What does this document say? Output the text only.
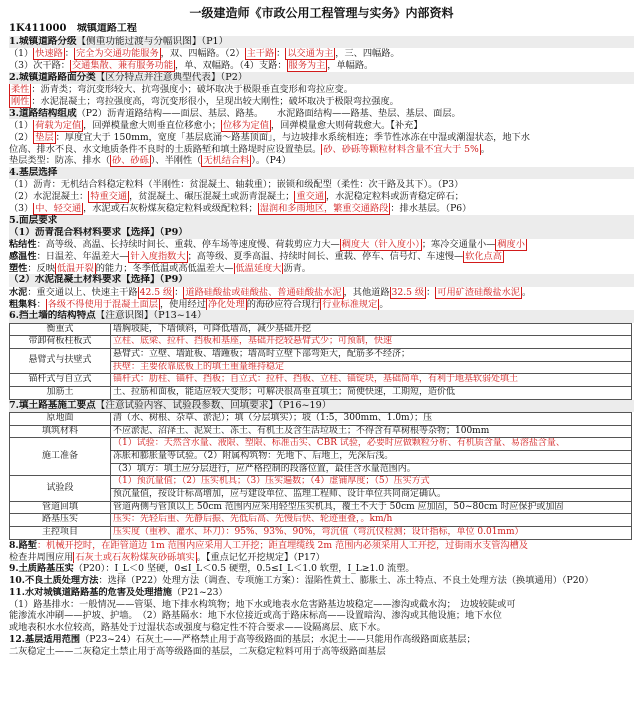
一级建造师《市政公用工程管理与实务》内部资料
1K411000 城镇道路工程
1.城镇道路分级【侧重功能过渡与分幅识图】（P1）
（1） 快速路 ： 完全为交通功能服务 ，双、四幅路。（2） 主干路 ： 以交通为主 ，三、四幅路。
（3）次干路： 交通集散、兼有服务功能 ，单、双幅路。（4）支路： 服务为主 ，单幅路。
2.城镇道路路面分类【区分特点并注意典型代表】（P2）
柔性 ：沥青类；弯沉变形较大、抗弯强度小；破坏取决于极限垂直变形和弯拉应变。
刚性 ：水泥混凝土；弯拉强度高，弯沉变形很小，呈现出较大刚性；破坏取决于极限弯拉强度。
3.道路结构组成（P2）沥青道路结构——面层、基层、路基。　　水泥路面结构——路基、垫层、基层、面层。
（1） 荷载为定值 ，回弹模量愈大则垂直位移愈小； 位移为定值 ，回弹模量愈大则荷载愈大。【补充】
（2） 垫层 ：厚度宜大于 150mm，宽度「基层底涌～路基顶面」，与边坡排水系统相连；季节性冰冻在中湿或潮湿状态，地下水
位高、排水不良、水文地质条件不良时的土质路堑和填土路堤时应设置垫层。 砂、砂砾等颗粒材料含量不宜大于 5% 。
垫层类型：防冻、排水（ 砂、砂砾 ）、半刚性（ 无机结合料 ）。（P4）
4.基层选择
（1）沥青：无机结合料稳定粒料（半刚性：贫混凝土、轴载重）；嵌锁和级配型（柔性：次干路及其下）。（P3）
（2）水泥混凝土： 特重交通 ，贫混凝土、碾压混凝土或沥青混凝土； 重交通 ，水泥稳定粒料或沥青稳定碎石；
（3） 中、轻交通 ，水泥或石灰粉煤灰稳定粒料或级配粒料； 湿润和多雨地区，繁重交通路段 ：排水基层。（P6）
5.面层要求
（1）沥青混合料材料要求【选择】（P9）
粘结性：高等级、高温、长持续时间长、重载、停车场等速度慢、荷载剪应力大— 稠度大（针入度小） ；寒冷交通量小— 稠度小
感温性：日温差、年温差大— 针入度指数大 ；高等级、夏季高温、持续时间长、重载、停车、信号灯、车速慢— 软化点高
塑性：反映 低温开裂 的能力；冬季低温或高低温差大— 低温延度大 沥青。
（2）水泥混凝土材料要求【选择】（P9）
水泥：重交通以上、快速主干路 42.5 级 ： 道路硅酸盐或硅酸盐、普通硅酸盐水泥 ，其他道路 32.5 级 ： 可用矿渣硅酸盐水泥 。
粗集料： 各级不得使用于混凝土面层 ，使用经过 净化处理 的海砂应符合现行 行业标准规定 。
6.挡土墙的结构特点【注意识图】（P13~14）
衡重式	墙胸坡陡，下墙倾斜，可降低墙高，减少基础开挖
带卸荷板柱板式	立柱、底梁、拉杆、挡板和基座，基础开挖较悬臂式少；可预制，快速
悬臂式与扶壁式	悬臂式：立壁、墙趾板、墙踵板；墙高时立壁下部弯矩大，配筋多不经济；
	扶壁：主要依靠底板上的填土重量维持稳定
锚杆式与自立式	锚杆式：肋柱、锚杆、挡板；自立式：拉杆、挡板、立柱、锚锭块，基础简单，有利于地基软弱处填土
加筋土	土、拉筋和面板，能适应较大变形；可解决很高垂直填土；简便快速，工期短，造价低
7.填土路基施工要点【注意试验内容、试验段参数、回填要求】（P16~19）
原地面	清（水、树根、杂草、淤泥）；填（分层填实）；坡（1:5，300mm、1.0m）；压
填筑材料	不应淤泥、沼泽土、泥炭土、冻土、有机土及含生活垃圾土；不得含有草树根等杂物；100mm
施工准备	（1）试验：天然含水量、液限、塑限、标准击实、CBR 试验，必要时应做颗粒分析、有机质含量、易溶盐含量、
	冻胀和膨胀量等试验。（2）附属构筑物：先地下、后地上，先深后浅。
	（3）填方：填土应分层进行，应严格控制的段落位置，最佳含水量范围内。
试验段	（1）预沉量值；（2）压实机具；（3）压实遍数；（4）虚铺厚度；（5）压实方式
	预沉量值，按设计标高增加，应与建设单位、监理工程师、设计单位共同商定确认。
管道回填	管道两侧与管顶以上 50cm 范围内应采用轻型压实机具，覆土不大于 50cm 应加固，50~80cm 时应保护或加固
路基压实	压实：先轻后重、先静后振、先低后高、先慢后快、轮迹重叠，。km/h
主控项目	压实度（重秒、灌水、环刀）：95%、93%、90%，弯沉值（弯沉仪检测；设计指标，单位 0.01mm）
8.路堑：机械开挖时，在距管道边 1m 范围内应采用人工开挖；距直埋缆线 2m 范围内必须采用人工开挖，过街雨水支管沟槽及
检查井周围应用 石灰土或石灰粉煤灰砂砾填实 。【重点记忆开挖规定】（P17）
9.土质路基压实（P20）：I_L＜0 坚硬，0≤I_L＜0.5 硬塑，0.5≤I_L＜1.0 软塑，I_L≥1.0 流塑。
10.不良土质处理方法：选择（P22）处理方法（调查、专项施工方案）：湿陷性黄土、膨胀土、冻土特点、不良土处理方法（换填通用）（P20）
11.水对城镇道路路基的危害及处理措施（P21~23）
（1）路基排水：一般情况——管渠、地下排水构筑物；地下水或地表水危害路基边坡稳定——渗沟或截水沟；　边坡较陡或可
能渗流水冲刷——护坡、护墙。　（2）路基隔水：地下水位接近或高于路床标高——设置暗沟、渗沟或其他设施；地下水位
或地表积水水位较高，路基处于过湿状态或强度与稳定性不符合要求——设隔离层、底下水。
12.基层适用范围（P23~24）石灰土——严格禁止用于高等级路面的基层；水泥土——只能用作高级路面底基层；
二灰稳定土——二灰稳定土禁止用于高等级路面的基层，二灰稳定粒料可用于高等级路面基层
